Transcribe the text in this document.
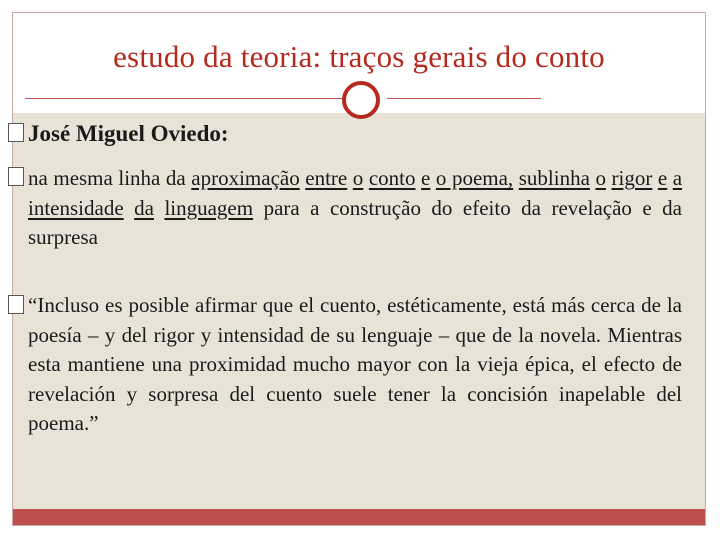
estudo da teoria: traços gerais do conto
José Miguel Oviedo:
na mesma linha da aproximação entre o conto e o poema, sublinha o rigor e a intensidade da linguagem para a construção do efeito da revelação e da surpresa
“Incluso es posible afirmar que el cuento, estéticamente, está más cerca de la poesía – y del rigor y intensidad de su lenguaje – que de la novela. Mientras esta mantiene una proximidad mucho mayor con la vieja épica, el efecto de revelación y sorpresa del cuento suele tener la concisión inapelable del poema.”
